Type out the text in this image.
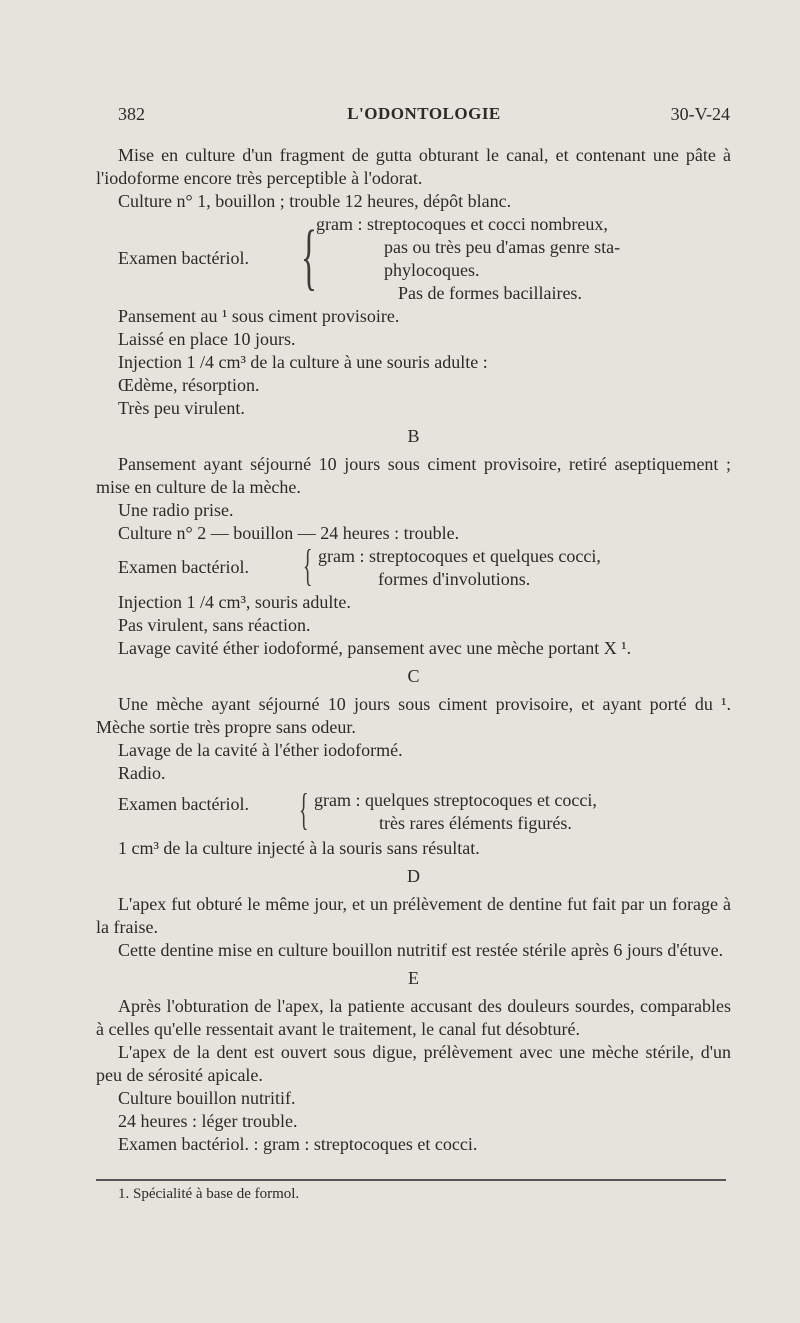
382	L'ODONTOLOGIE	30-V-24

Mise en culture d'un fragment de gutta obturant le canal, et contenant une pâte à l'iodoforme encore très perceptible à l'odorat.

Culture n° 1, bouillon ; trouble 12 heures, dépôt blanc.

Examen bactériol. { gram : streptocoques et cocci nombreux,
pas ou très peu d'amas genre sta-
phylocoques.
Pas de formes bacillaires.

Pansement au ¹ sous ciment provisoire.

Laissé en place 10 jours.

Injection 1 /4 cm³ de la culture à une souris adulte :

Œdème, résorption.

Très peu virulent.

B

Pansement ayant séjourné 10 jours sous ciment provisoire, retiré aseptiquement ; mise en culture de la mèche.

Une radio prise.

Culture n° 2 — bouillon — 24 heures : trouble.

Examen bactériol. { gram : streptocoques et quelques cocci,
formes d'involutions.

Injection 1 /4 cm³, souris adulte.

Pas virulent, sans réaction.

Lavage cavité éther iodoformé, pansement avec une mèche portant X ¹.

C

Une mèche ayant séjourné 10 jours sous ciment provisoire, et ayant porté du ¹. Mèche sortie très propre sans odeur.

Lavage de la cavité à l'éther iodoformé.

Radio.

Examen bactériol. { gram : quelques streptocoques et cocci,
très rares éléments figurés.

1 cm³ de la culture injecté à la souris sans résultat.

D

L'apex fut obturé le même jour, et un prélèvement de dentine fut fait par un forage à la fraise.

Cette dentine mise en culture bouillon nutritif est restée stérile après 6 jours d'étuve.

E

Après l'obturation de l'apex, la patiente accusant des douleurs sourdes, comparables à celles qu'elle ressentait avant le traitement, le canal fut désobturé.

L'apex de la dent est ouvert sous digue, prélèvement avec une mèche stérile, d'un peu de sérosité apicale.

Culture bouillon nutritif.

24 heures : léger trouble.

Examen bactériol. : gram : streptocoques et cocci.

1. Spécialité à base de formol.
